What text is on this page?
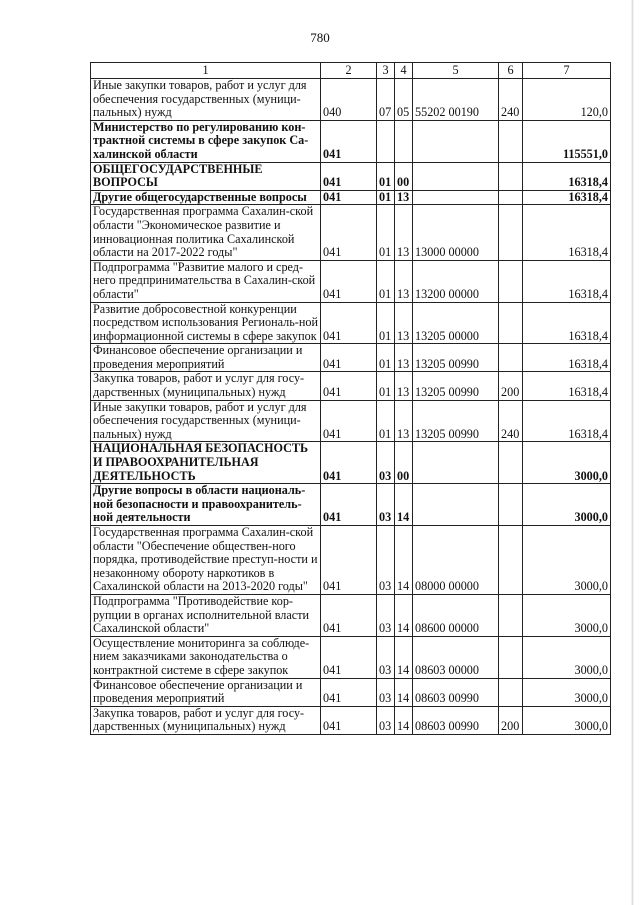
780
1	2	3	4	5	6	7
Иные закупки товаров, работ и услуг для обеспечения государственных (муници-пальных) нужд	040	07	05	55202 00190	240	120,0
Министерство по регулированию кон-трактной системы в сфере закупок Са-халинской области	041					115551,0
ОБЩЕГОСУДАРСТВЕННЫЕ ВОПРОСЫ	041	01	00			16318,4
Другие общегосударственные вопросы	041	01	13			16318,4
Государственная программа Сахалин-ской области "Экономическое развитие и инновационная политика Сахалинской области на 2017-2022 годы"	041	01	13	13000 00000		16318,4
Подпрограмма "Развитие малого и сред-него предпринимательства в Сахалин-ской области"	041	01	13	13200 00000		16318,4
Развитие добросовестной конкуренции посредством использования Региональ-ной информационной системы в сфере закупок	041	01	13	13205 00000		16318,4
Финансовое обеспечение организации и проведения мероприятий	041	01	13	13205 00990		16318,4
Закупка товаров, работ и услуг для госу-дарственных (муниципальных) нужд	041	01	13	13205 00990	200	16318,4
Иные закупки товаров, работ и услуг для обеспечения государственных (муници-пальных) нужд	041	01	13	13205 00990	240	16318,4
НАЦИОНАЛЬНАЯ БЕЗОПАСНОСТЬ И ПРАВООХРАНИТЕЛЬНАЯ ДЕЯТЕЛЬНОСТЬ	041	03	00			3000,0
Другие вопросы в области националь-ной безопасности и правоохранитель-ной деятельности	041	03	14			3000,0
Государственная программа Сахалин-ской области "Обеспечение обществен-ного порядка, противодействие преступ-ности и незаконному обороту наркотиков в Сахалинской области на 2013-2020 годы"	041	03	14	08000 00000		3000,0
Подпрограмма "Противодействие кор-рупции в органах исполнительной власти Сахалинской области"	041	03	14	08600 00000		3000,0
Осуществление мониторинга за соблюде-нием заказчиками законодательства о контрактной системе в сфере закупок	041	03	14	08603 00000		3000,0
Финансовое обеспечение организации и проведения мероприятий	041	03	14	08603 00990		3000,0
Закупка товаров, работ и услуг для госу-дарственных (муниципальных) нужд	041	03	14	08603 00990	200	3000,0
